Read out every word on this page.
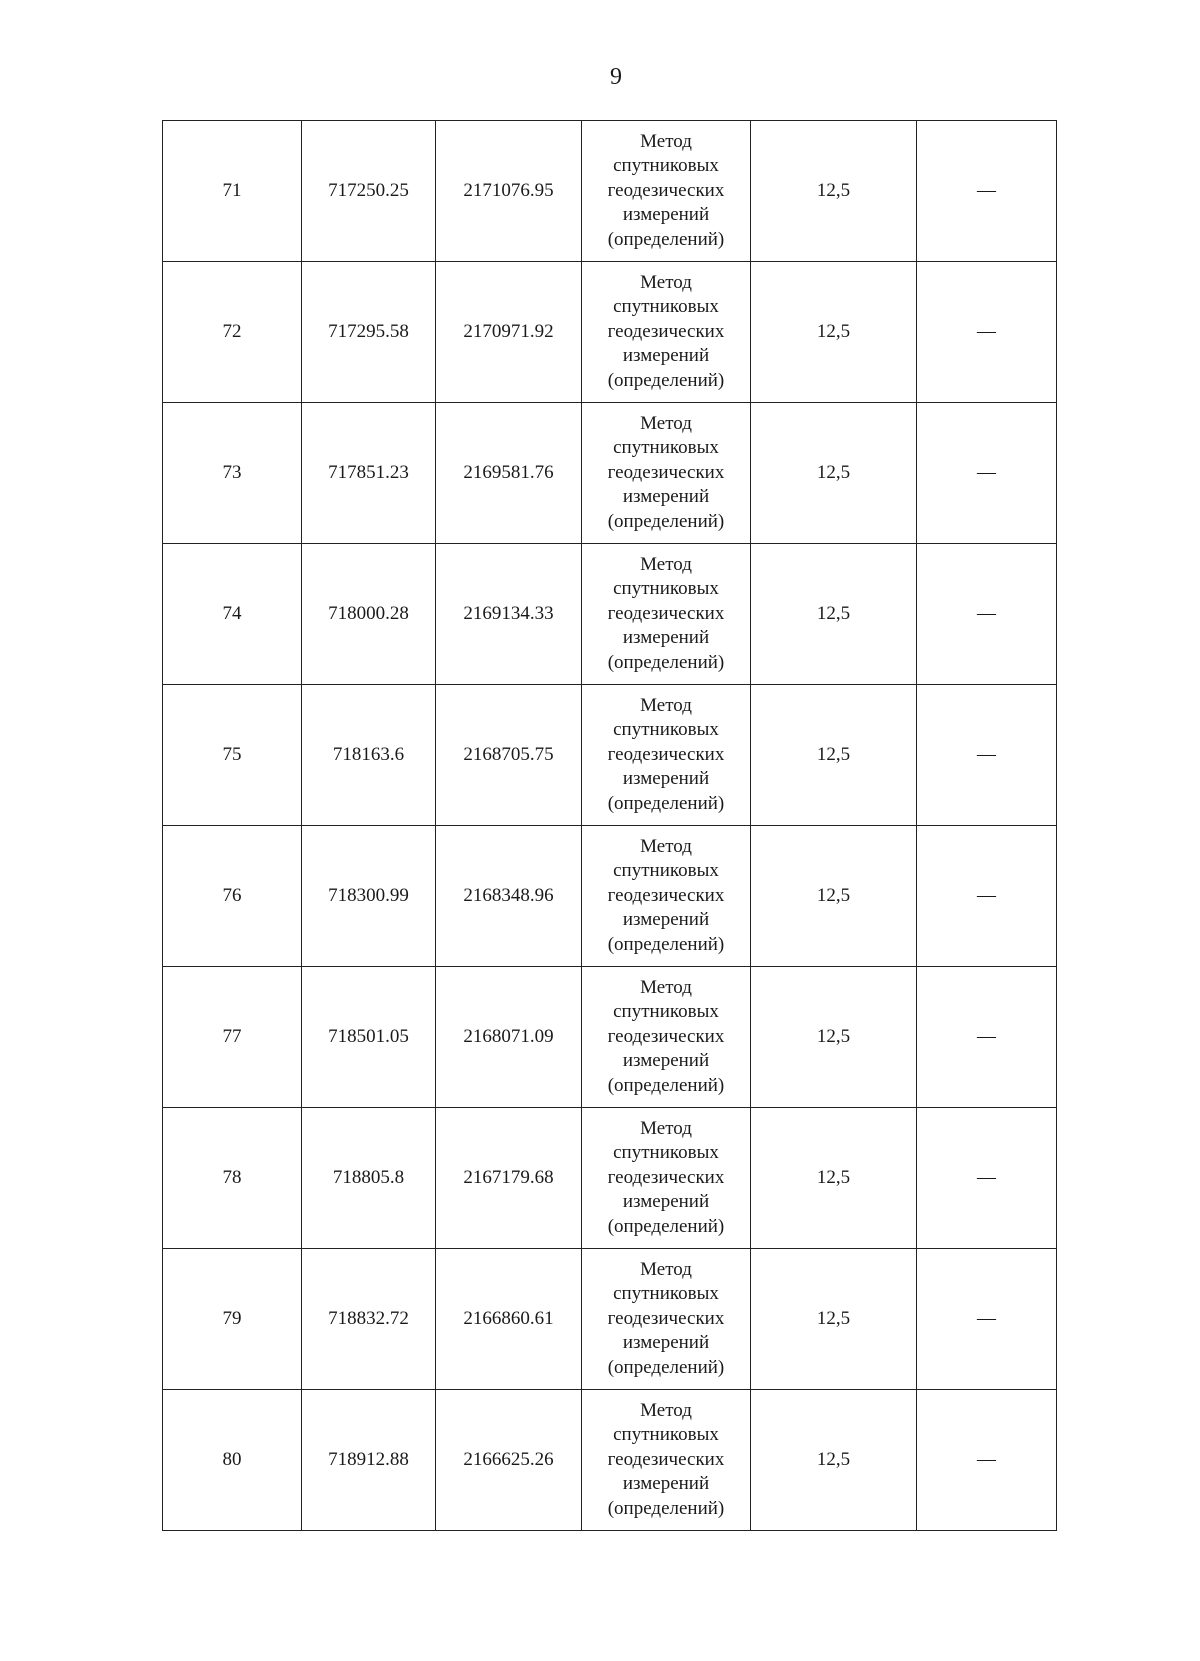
9
71	717250.25	2171076.95	Метод спутниковых геодезических измерений (определений)	12,5	—
72	717295.58	2170971.92	Метод спутниковых геодезических измерений (определений)	12,5	—
73	717851.23	2169581.76	Метод спутниковых геодезических измерений (определений)	12,5	—
74	718000.28	2169134.33	Метод спутниковых геодезических измерений (определений)	12,5	—
75	718163.6	2168705.75	Метод спутниковых геодезических измерений (определений)	12,5	—
76	718300.99	2168348.96	Метод спутниковых геодезических измерений (определений)	12,5	—
77	718501.05	2168071.09	Метод спутниковых геодезических измерений (определений)	12,5	—
78	718805.8	2167179.68	Метод спутниковых геодезических измерений (определений)	12,5	—
79	718832.72	2166860.61	Метод спутниковых геодезических измерений (определений)	12,5	—
80	718912.88	2166625.26	Метод спутниковых геодезических измерений (определений)	12,5	—
